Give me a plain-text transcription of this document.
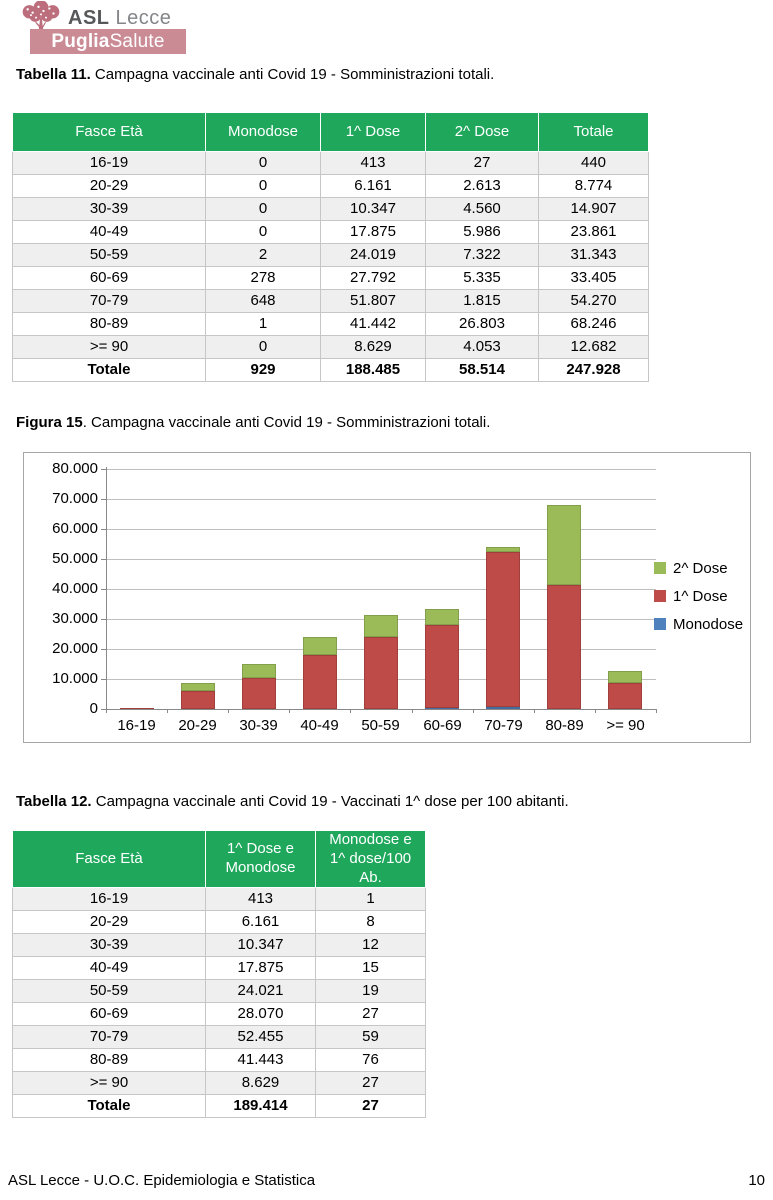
ASL Lecce
PugliaSalute
Tabella 11. Campagna vaccinale anti Covid 19 - Somministrazioni totali.
Fasce Età	Monodose	1^ Dose	2^ Dose	Totale
16-19	0	413	27	440
20-29	0	6.161	2.613	8.774
30-39	0	10.347	4.560	14.907
40-49	0	17.875	5.986	23.861
50-59	2	24.019	7.322	31.343
60-69	278	27.792	5.335	33.405
70-79	648	51.807	1.815	54.270
80-89	1	41.442	26.803	68.246
>= 90	0	8.629	4.053	12.682
Totale	929	188.485	58.514	247.928
Figura 15. Campagna vaccinale anti Covid 19 - Somministrazioni totali.
0
10.000
20.000
30.000
40.000
50.000
60.000
70.000
80.000
16-19	20-29	30-39	40-49	50-59	60-69	70-79	80-89	>= 90
2^ Dose
1^ Dose
Monodose
Tabella 12. Campagna vaccinale anti Covid 19 - Vaccinati 1^ dose per 100 abitanti.
Fasce Età	1^ Dose e Monodose	Monodose e 1^ dose/100 Ab.
16-19	413	1
20-29	6.161	8
30-39	10.347	12
40-49	17.875	15
50-59	24.021	19
60-69	28.070	27
70-79	52.455	59
80-89	41.443	76
>= 90	8.629	27
Totale	189.414	27
ASL Lecce - U.O.C. Epidemiologia e Statistica	10
